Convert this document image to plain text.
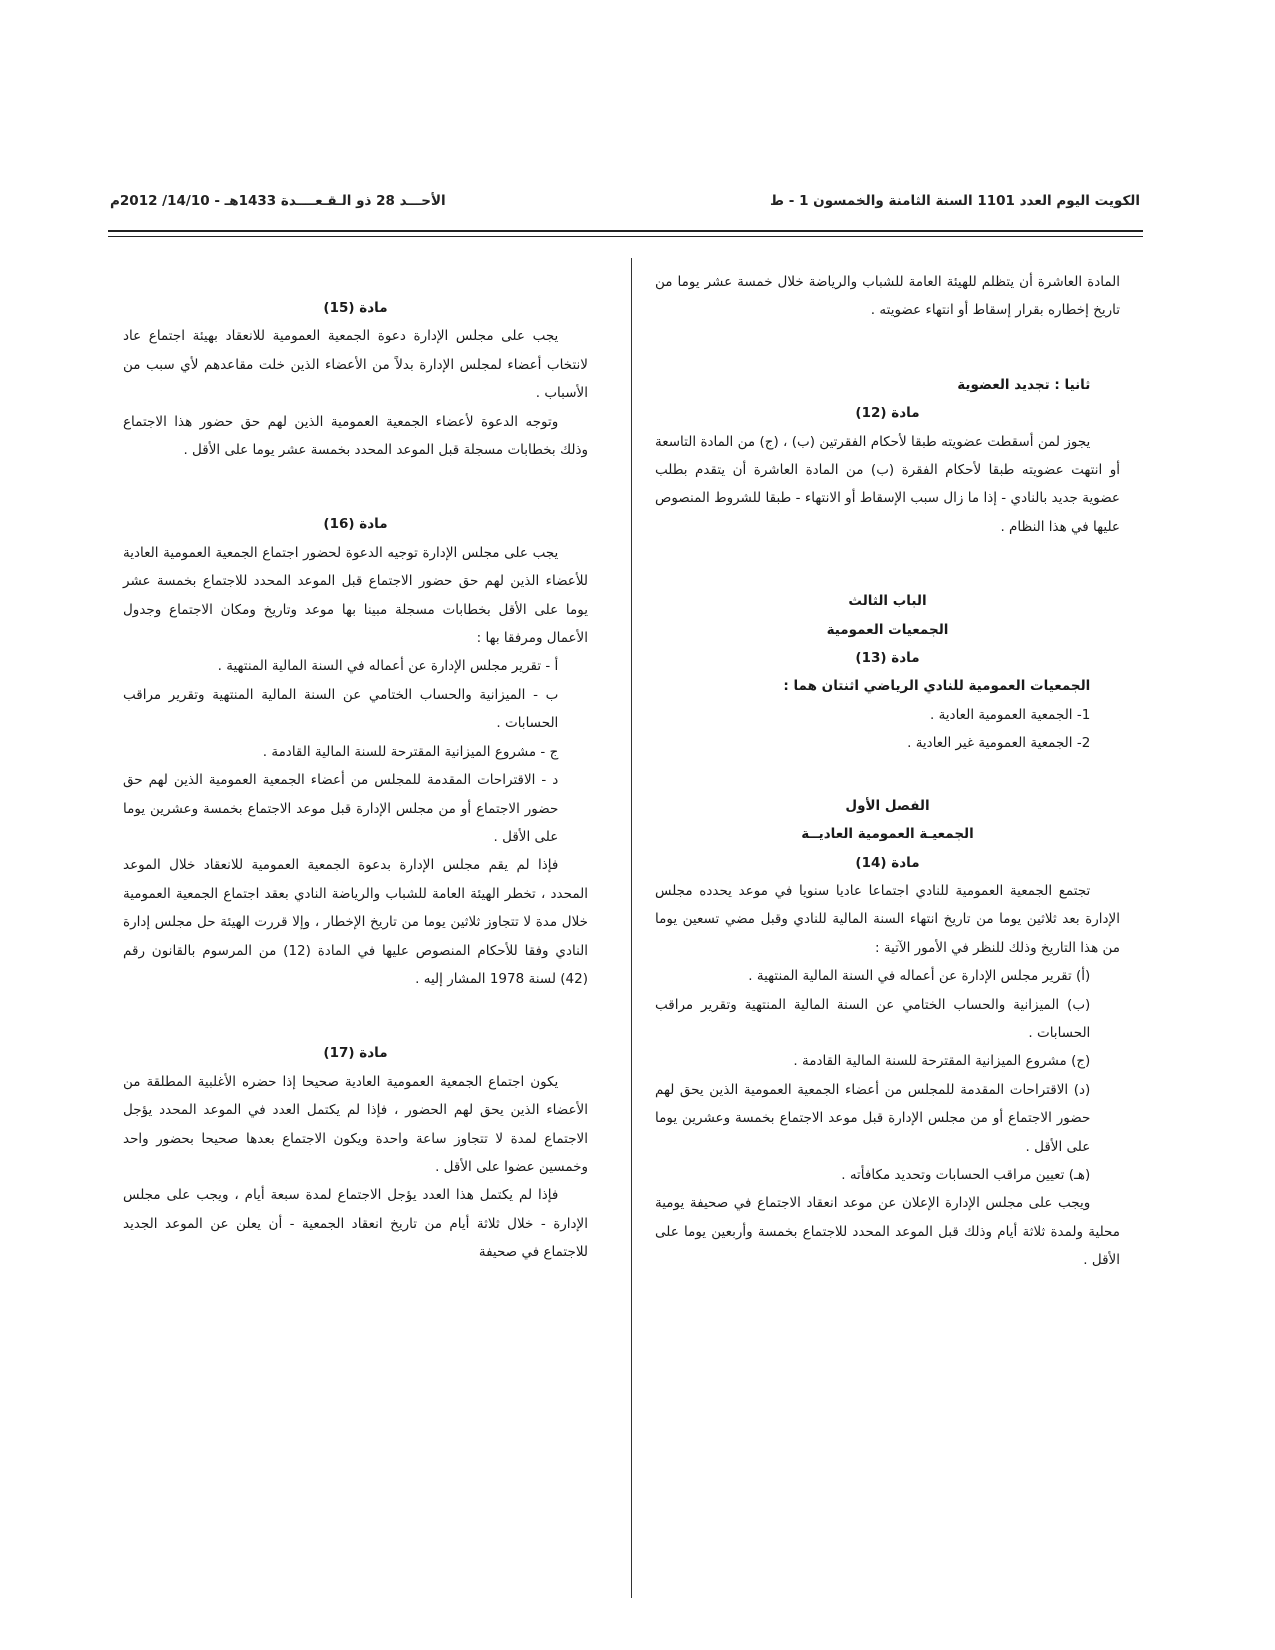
الكويت اليوم العدد 1101 السنة الثامنة والخمسون 1 - ط
الأحـــد 28 ذو الـقـعــــدة 1433هـ - 14/10/ 2012م

المادة العاشرة أن يتظلم للهيئة العامة للشباب والرياضة خلال خمسة عشر يوما من تاريخ إخطاره بقرار إسقاط أو انتهاء عضويته .

ثانيا : تجديد العضوية

مادة (12)

يجوز لمن أسقطت عضويته طبقا لأحكام الفقرتين (ب) ، (ج) من المادة التاسعة أو انتهت عضويته طبقا لأحكام الفقرة (ب) من المادة العاشرة أن يتقدم بطلب عضوية جديد بالنادي - إذا ما زال سبب الإسقاط أو الانتهاء - طبقا للشروط المنصوص عليها في هذا النظام .

الباب الثالث

الجمعيات العمومية

مادة (13)

الجمعيات العمومية للنادي الرياضي اثنتان هما :

1- الجمعية العمومية العادية .

2- الجمعية العمومية غير العادية .

الفصل الأول

الجمعيـة العمومية العاديــة

مادة (14)

تجتمع الجمعية العمومية للنادي اجتماعا عاديا سنويا في موعد يحدده مجلس الإدارة بعد ثلاثين يوما من تاريخ انتهاء السنة المالية للنادي وقبل مضي تسعين يوما من هذا التاريخ وذلك للنظر في الأمور الآتية :

(أ) تقرير مجلس الإدارة عن أعماله في السنة المالية المنتهية .

(ب) الميزانية والحساب الختامي عن السنة المالية المنتهية وتقرير مراقب الحسابات .

(ج) مشروع الميزانية المقترحة للسنة المالية القادمة .

(د) الاقتراحات المقدمة للمجلس من أعضاء الجمعية العمومية الذين يحق لهم حضور الاجتماع أو من مجلس الإدارة قبل موعد الاجتماع بخمسة وعشرين يوما على الأقل .

(هـ) تعيين مراقب الحسابات وتحديد مكافأته .

ويجب على مجلس الإدارة الإعلان عن موعد انعقاد الاجتماع في صحيفة يومية محلية ولمدة ثلاثة أيام وذلك قبل الموعد المحدد للاجتماع بخمسة وأربعين يوما على الأقل .

مادة (15)

يجب على مجلس الإدارة دعوة الجمعية العمومية للانعقاد بهيئة اجتماع عاد لانتخاب أعضاء لمجلس الإدارة بدلاً من الأعضاء الذين خلت مقاعدهم لأي سبب من الأسباب .

وتوجه الدعوة لأعضاء الجمعية العمومية الذين لهم حق حضور هذا الاجتماع وذلك بخطابات مسجلة قبل الموعد المحدد بخمسة عشر يوما على الأقل .

مادة (16)

يجب على مجلس الإدارة توجيه الدعوة لحضور اجتماع الجمعية العمومية العادية للأعضاء الذين لهم حق حضور الاجتماع قبل الموعد المحدد للاجتماع بخمسة عشر يوما على الأقل بخطابات مسجلة مبينا بها موعد وتاريخ ومكان الاجتماع وجدول الأعمال ومرفقا بها :

أ - تقرير مجلس الإدارة عن أعماله في السنة المالية المنتهية .

ب - الميزانية والحساب الختامي عن السنة المالية المنتهية وتقرير مراقب الحسابات .

ج - مشروع الميزانية المقترحة للسنة المالية القادمة .

د - الاقتراحات المقدمة للمجلس من أعضاء الجمعية العمومية الذين لهم حق حضور الاجتماع أو من مجلس الإدارة قبل موعد الاجتماع بخمسة وعشرين يوما على الأقل .

فإذا لم يقم مجلس الإدارة بدعوة الجمعية العمومية للانعقاد خلال الموعد المحدد ، تخطر الهيئة العامة للشباب والرياضة النادي بعقد اجتماع الجمعية العمومية خلال مدة لا تتجاوز ثلاثين يوما من تاريخ الإخطار ، وإلا قررت الهيئة حل مجلس إدارة النادي وفقا للأحكام المنصوص عليها في المادة (12) من المرسوم بالقانون رقم (42) لسنة 1978 المشار إليه .

مادة (17)

يكون اجتماع الجمعية العمومية العادية صحيحا إذا حضره الأغلبية المطلقة من الأعضاء الذين يحق لهم الحضور ، فإذا لم يكتمل العدد في الموعد المحدد يؤجل الاجتماع لمدة لا تتجاوز ساعة واحدة ويكون الاجتماع بعدها صحيحا بحضور واحد وخمسين عضوا على الأقل .

فإذا لم يكتمل هذا العدد يؤجل الاجتماع لمدة سبعة أيام ، ويجب على مجلس الإدارة - خلال ثلاثة أيام من تاريخ انعقاد الجمعية - أن يعلن عن الموعد الجديد للاجتماع في صحيفة
